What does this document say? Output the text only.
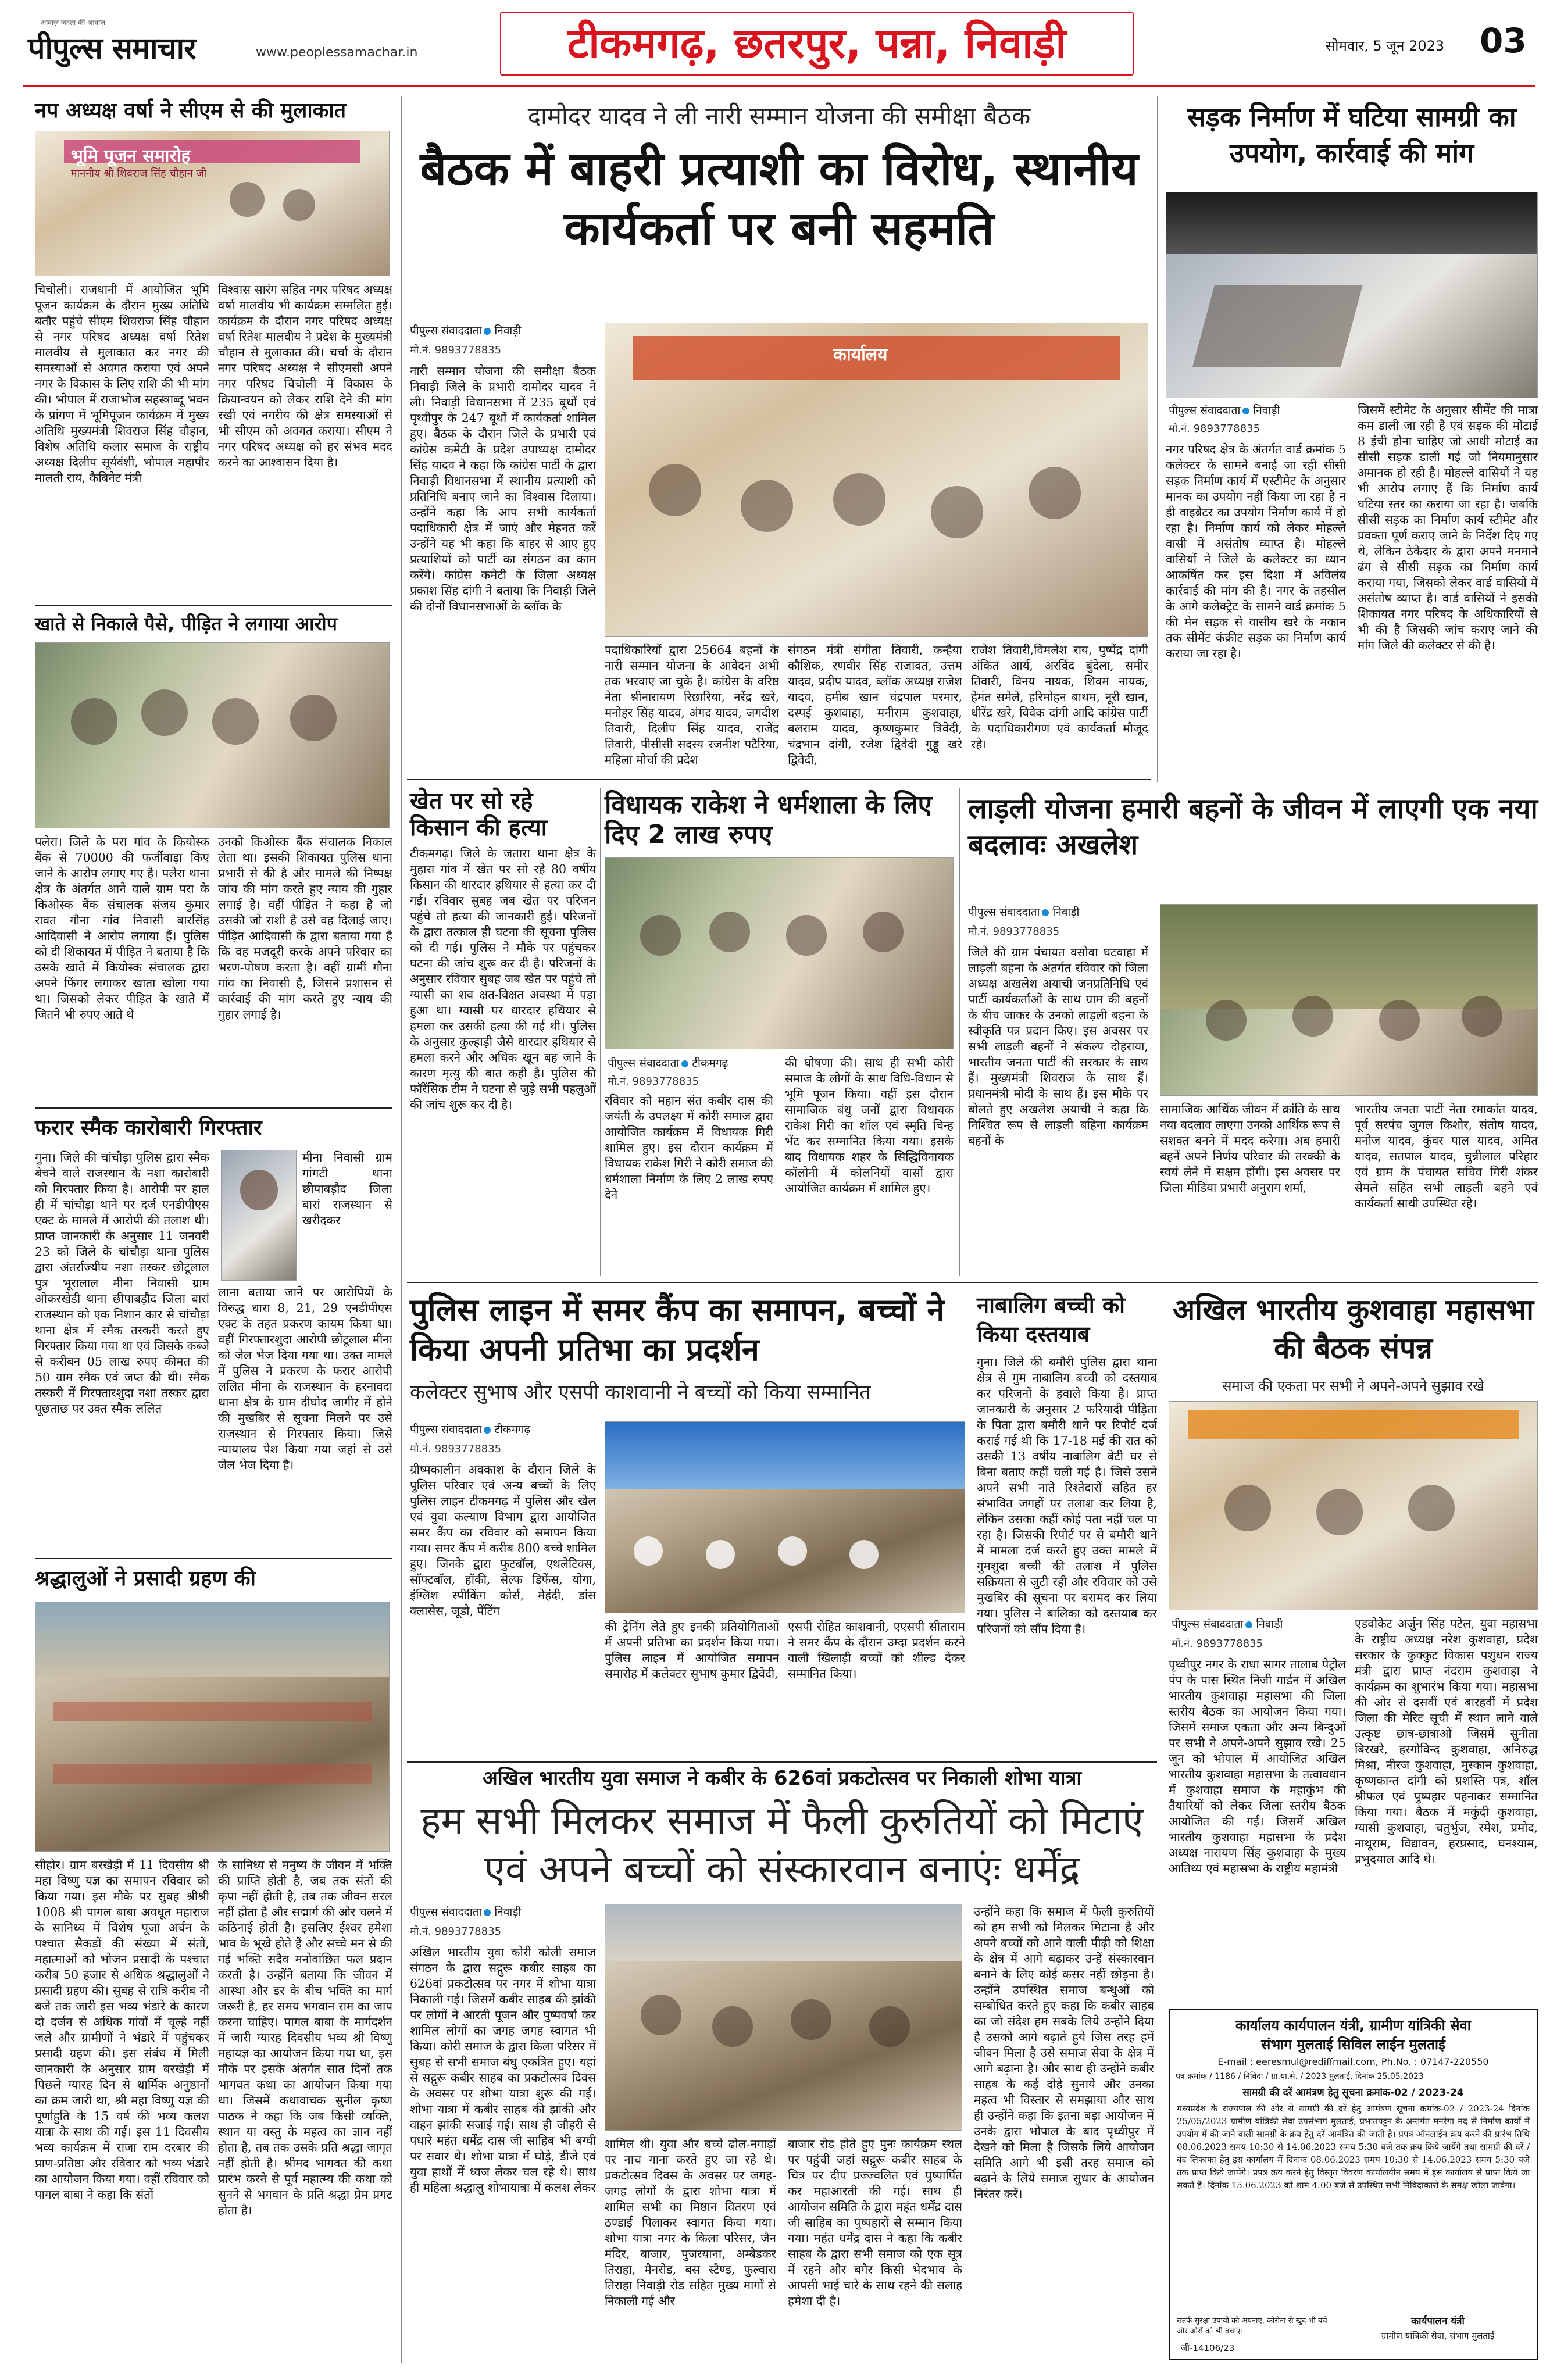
आवाज़ जनता की आवाज़
पीपुल्स समाचार	www.peoplessamachar.in	टीकमगढ़, छतरपुर, पन्ना, निवाड़ी	सोमवार, 5 जून 2023 03
नप अध्यक्ष वर्षा ने सीएम से की मुलाकात
भूमि पूजन समारोह
माननीय श्री शिवराज सिंह चौहान जी
चिचोली। राजधानी में आयोजित भूमि पूजन कार्यक्रम के दौरान मुख्य अतिथि बतौर पहुंचे सीएम शिवराज सिंह चौहान से नगर परिषद अध्यक्ष वर्षा रितेश मालवीय से मुलाकात कर नगर की समस्याओं से अवगत कराया एवं अपने नगर के विकास के लिए राशि की भी मांग की। भोपाल में राजाभोज सहस्त्राब्दू भवन के प्रांगण में भूमिपूजन कार्यक्रम में मुख्य अतिथि मुख्यमंत्री शिवराज सिंह चौहान, विशेष अतिथि कलार समाज के राष्ट्रीय अध्यक्ष दिलीप सूर्यवंशी, भोपाल महापौर मालती राय, कैबिनेट मंत्री
विश्वास सारंग सहित नगर परिषद अध्यक्ष वर्षा मालवीय भी कार्यक्रम सम्मलित हुई। कार्यक्रम के दौरान नगर परिषद अध्यक्ष वर्षा रितेश मालवीय ने प्रदेश के मुख्यमंत्री चौहान से मुलाकात की। चर्चा के दौरान नगर परिषद अध्यक्ष ने सीएमसी अपने नगर परिषद चिचोली में विकास के क्रियान्वयन को लेकर राशि देने की मांग रखी एवं नगरीय की क्षेत्र समस्याओं से भी सीएम को अवगत कराया। सीएम ने नगर परिषद अध्यक्ष को हर संभव मदद करने का आश्वासन दिया है।
खाते से निकाले पैसे, पीड़ित ने लगाया आरोप
पलेरा। जिले के परा गांव के कियोस्क बैंक से 70000 की फर्जीवाड़ा किए जाने के आरोप लगाए गए है। पलेरा थाना क्षेत्र के अंतर्गत आने वाले ग्राम परा के किओस्क बैंक संचालक संजय कुमार रावत गौना गांव निवासी बारसिंह आदिवासी ने आरोप लगाया हैं। पुलिस को दी शिकायत में पीड़ित ने बताया है कि उसके खाते में कियोस्क संचालक द्वारा अपने फिंगर लगाकर खाता खोला गया था। जिसको लेकर पीड़ित के खाते में जितने भी रुपए आते थे
उनको किओस्क बैंक संचालक निकाल लेता था। इसकी शिकायत पुलिस थाना प्रभारी से की है और मामले की निष्पक्ष जांच की मांग करते हुए न्याय की गुहार लगाई है। वहीं पीड़ित ने कहा है जो उसकी जो राशी है उसे वह दिलाई जाए। पीड़ित आदिवासी के द्वारा बताया गया है कि वह मजदूरी करके अपने परिवार का भरण-पोषण करता है। वहीं ग्रामीं गौना गांव का निवासी है, जिसने प्रशासन से कार्रवाई की मांग करते हुए न्याय की गुहार लगाई है।
फरार स्मैक कारोबारी गिरफ्तार
गुना। जिले की चांचौड़ा पुलिस द्वारा स्मैक बेचने वाले राजस्थान के नशा कारोबारी को गिरफ्तार किया है। आरोपी पर हाल ही में चांचौड़ा थाने पर दर्ज एनडीपीएस एक्ट के मामले में आरोपी की तलाश थी। प्राप्त जानकारी के अनुसार 11 जनवरी 23 को जिले के चांचौड़ा थाना पुलिस द्वारा अंतर्राज्यीय नशा तस्कर छोटूलाल पुत्र भूरालाल मीना निवासी ग्राम ओकरखेडी थाना छीपाबड़ौद जिला बारां राजस्थान को एक निशान कार से चांचौड़ा थाना क्षेत्र में स्मैक तस्करी करते हुए गिरफ्तार किया गया था एवं जिसके कब्जे से करीबन 05 लाख रुपए कीमत की 50 ग्राम स्मैक एवं जप्त की थी। स्मैक तस्करी में गिरफ्तारशुदा नशा तस्कर द्वारा पूछताछ पर उक्त स्मैक ललित
मीना निवासी ग्राम गांगटी थाना छीपाबड़ौद जिला बारां राजस्थान से खरीदकर
लाना बताया जाने पर आरोपियों के विरुद्ध धारा 8, 21, 29 एनडीपीएस एक्ट के तहत प्रकरण कायम किया था। वहीं गिरफ्तारशुदा आरोपी छोटूलाल मीना को जेल भेज दिया गया था। उक्त मामले में पुलिस ने प्रकरण के फरार आरोपी ललित मीना के राजस्थान के हरनावदा थाना क्षेत्र के ग्राम दीघोद जागीर में होने की मुखबिर से सूचना मिलने पर उसे राजस्थान से गिरफ्तार किया। जिसे न्यायालय पेश किया गया जहां से उसे जेल भेज दिया है।
श्रद्धालुओं ने प्रसादी ग्रहण की
सीहोर। ग्राम बरखेड़ी में 11 दिवसीय श्री महा विष्णु यज्ञ का समापन रविवार को किया गया। इस मौके पर सुबह श्रीश्री 1008 श्री पागल बाबा अवधूत महाराज के सानिध्य में विशेष पूजा अर्चन के पश्चात सैकड़ों की संख्या में संतों, महात्माओं को भोजन प्रसादी के पश्चात करीब 50 हजार से अधिक श्रद्धालुओं ने प्रसादी ग्रहण की। सुबह से रात्रि करीब नौ बजे तक जारी इस भव्य भंडारे के कारण दो दर्जन से अधिक गांवों में चूल्हे नहीं जले और ग्रामीणों ने भंडारे में पहुंचकर प्रसादी ग्रहण की। इस संबंध में मिली जानकारी के अनुसार ग्राम बरखेड़ी में पिछले ग्यारह दिन से धार्मिक अनुष्ठानों का क्रम जारी था, श्री महा विष्णु यज्ञ की पूर्णाहुति के 15 वर्ष की भव्य कलश यात्रा के साथ की गई। इस 11 दिवसीय भव्य कार्यक्रम में राजा राम दरबार की प्राण-प्रतिष्ठा और रविवार को भव्य भंडारे का आयोजन किया गया। वहीं रविवार को पागल बाबा ने कहा कि संतों
के सानिध्य से मनुष्य के जीवन में भक्ति की प्राप्ति होती है, जब तक संतों की कृपा नहीं होती है, तब तक जीवन सरल नहीं होता है और सद्मार्ग की ओर चलने में कठिनाई होती है। इसलिए ईश्वर हमेशा भाव के भूखे होते हैं और सच्चे मन से की गई भक्ति सदैव मनोवांछित फल प्रदान करती है। उन्होंने बताया कि जीवन में आस्था और डर के बीच भक्ति का मार्ग जरूरी है, हर समय भगवान राम का जाप करना चाहिए। पागल बाबा के मार्गदर्शन में जारी ग्यारह दिवसीय भव्य श्री विष्णु महायज्ञ का आयोजन किया गया था, इस मौके पर इसके अंतर्गत सात दिनों तक भागवत कथा का आयोजन किया गया था। जिसमें कथावाचक सुनील कृष्ण पाठक ने कहा कि जब किसी व्यक्ति, स्थान या वस्तु के महत्व का ज्ञान नहीं होता है, तब तक उसके प्रति श्रद्धा जागृत नहीं होती है। श्रीमद भागवत की कथा प्रारंभ करने से पूर्व महात्म्य की कथा को सुनने से भगवान के प्रति श्रद्धा प्रेम प्रगट होता है।
दामोदर यादव ने ली नारी सम्मान योजना की समीक्षा बैठक
बैठक में बाहरी प्रत्याशी का विरोध, स्थानीय कार्यकर्ता पर बनी सहमति
पीपुल्स संवाददाता निवाड़ी
मो.नं. 9893778835
नारी सम्मान योजना की समीक्षा बैठक निवाड़ी जिले के प्रभारी दामोदर यादव ने ली। निवाड़ी विधानसभा में 235 बूथों एवं पृथ्वीपुर के 247 बूथों में कार्यकर्ता शामिल हुए। बैठक के दौरान जिले के प्रभारी एवं कांग्रेस कमेटी के प्रदेश उपाध्यक्ष दामोदर सिंह यादव ने कहा कि कांग्रेस पार्टी के द्वारा निवाड़ी विधानसभा में स्थानीय प्रत्याशी को प्रतिनिधि बनाए जाने का विश्वास दिलाया। उन्होंने कहा कि आप सभी कार्यकर्ता पदाधिकारी क्षेत्र में जाएं और मेहनत करें उन्होंने यह भी कहा कि बाहर से आए हुए प्रत्याशियों को पार्टी का संगठन का काम करेंगे। कांग्रेस कमेटी के जिला अध्यक्ष प्रकाश सिंह दांगी ने बताया कि निवाड़ी जिले की दोनों विधानसभाओं के ब्लॉक के
कार्यालय
पदाधिकारियों द्वारा 25664 बहनों के नारी सम्मान योजना के आवेदन अभी तक भरवाए जा चुके है। कांग्रेस के वरिष्ठ नेता श्रीनारायण रिछारिया, नरेंद्र खरे, मनोहर सिंह यादव, अंगद यादव, जगदीश तिवारी, दिलीप सिंह यादव, राजेंद्र तिवारी, पीसीसी सदस्य रजनीश पटैरिया, महिला मोर्चा की प्रदेश
संगठन मंत्री संगीता तिवारी, कन्हैया कौशिक, रणवीर सिंह राजावत, उत्तम यादव, प्रदीप यादव, ब्लॉक अध्यक्ष राजेश यादव, हमीब खान चंद्रपाल परमार, दस्पई कुशवाहा, मनीराम कुशवाहा, बलराम यादव, कृष्णकुमार त्रिवेदी, चंद्रभान दांगी, रजेश द्विवेदी गुड्डू खरे द्विवेदी,
राजेश तिवारी,विमलेश राय, पुष्पेंद्र दांगी अंकित आर्य, अरविंद बुंदेला, समीर तिवारी, विनय नायक, शिवम नायक, हेमंत समेले, हरिमोहन बाथम, नूरी खान, धीरेंद्र खरे, विवेक दांगी आदि कांग्रेस पार्टी के पदाधिकारीगण एवं कार्यकर्ता मौजूद रहे।
खेत पर सो रहे किसान की हत्या
टीकमगढ़। जिले के जतारा थाना क्षेत्र के मुहारा गांव में खेत पर सो रहे 80 वर्षीय किसान की धारदार हथियार से हत्या कर दी गई। रविवार सुबह जब खेत पर परिजन पहुंचे तो हत्या की जानकारी हुई। परिजनों के द्वारा तत्काल ही घटना की सूचना पुलिस को दी गई। पुलिस ने मौके पर पहुंचकर घटना की जांच शुरू कर दी है। परिजनों के अनुसार रविवार सुबह जब खेत पर पहुंचे तो ग्यासी का शव क्षत-विक्षत अवस्था में पड़ा हुआ था। ग्यासी पर धारदार हथियार से हमला कर उसकी हत्या की गई थी। पुलिस के अनुसार कुल्हाड़ी जैसे धारदार हथियार से हमला करने और अधिक खून बह जाने के कारण मृत्यु की बात कही है। पुलिस की फॉरेंसिक टीम ने घटना से जुड़े सभी पहलुओं की जांच शुरू कर दी है।
विधायक राकेश ने धर्मशाला के लिए दिए 2 लाख रुपए
पीपुल्स संवाददाता टीकमगढ़
मो.नं. 9893778835
रविवार को महान संत कबीर दास की जयंती के उपलक्ष्य में कोरी समाज द्वारा आयोजित कार्यक्रम में विधायक गिरी शामिल हुए। इस दौरान कार्यक्रम में विधायक राकेश गिरी ने कोरी समाज की धर्मशाला निर्माण के लिए 2 लाख रुपए देने
की घोषणा की। साथ ही सभी कोरी समाज के लोगों के साथ विधि-विधान से भूमि पूजन किया। वहीं इस दौरान सामाजिक बंधु जनों द्वारा विधायक राकेश गिरी का शॉल एवं स्मृति चिन्ह भेंट कर सम्मानित किया गया। इसके बाद विधायक शहर के सिद्धिविनायक कॉलोनी में कोलनियों वासों द्वारा आयोजित कार्यक्रम में शामिल हुए।
लाड़ली योजना हमारी बहनों के जीवन में लाएगी एक नया बदलावः अखलेश
पीपुल्स संवाददाता निवाड़ी
मो.नं. 9893778835
जिले की ग्राम पंचायत वसोवा घटवाहा में लाड़ली बहना के अंतर्गत रविवार को जिला अध्यक्ष अखलेश अयाची जनप्रतिनिधि एवं पार्टी कार्यकर्ताओं के साथ ग्राम की बहनों के बीच जाकर के उनको लाड़ली बहना के स्वीकृति पत्र प्रदान किए। इस अवसर पर सभी लाड़ली बहनों ने संकल्प दोहराया, भारतीय जनता पार्टी की सरकार के साथ हैं। मुख्यमंत्री शिवराज के साथ हैं। प्रधानमंत्री मोदी के साथ हैं। इस मौके पर बोलते हुए अखलेश अयाची ने कहा कि निश्चित रूप से लाड़ली बहिना कार्यक्रम बहनों के
सामाजिक आर्थिक जीवन में क्रांति के साथ नया बदलाव लाएगा उनको आर्थिक रूप से सशक्त बनने में मदद करेगा। अब हमारी बहनें अपने निर्णय परिवार की तरक्की के स्वयं लेने में सक्षम होंगी। इस अवसर पर जिला मीडिया प्रभारी अनुराग शर्मा,
भारतीय जनता पार्टी नेता रमाकांत यादव, पूर्व सरपंच जुगल किशोर, संतोष यादव, मनोज यादव, कुंवर पाल यादव, अमित यादव, सतपाल यादव, चुन्नीलाल परिहार एवं ग्राम के पंचायत सचिव गिरी शंकर सेमले सहित सभी लाड़ली बहने एवं कार्यकर्ता साथी उपस्थित रहे।
सड़क निर्माण में घटिया सामग्री का उपयोग, कार्रवाई की मांग
पीपुल्स संवाददाता निवाड़ी
मो.नं. 9893778835
नगर परिषद क्षेत्र के अंतर्गत वार्ड क्रमांक 5 कलेक्टर के सामने बनाई जा रही सीसी सड़क निर्माण कार्य में एस्टीमेट के अनुसार मानक का उपयोग नहीं किया जा रहा है न ही वाइब्रेटर का उपयोग निर्माण कार्य में हो रहा है। निर्माण कार्य को लेकर मोहल्ले वासी में असंतोष व्याप्त है। मोहल्ले वासियों ने जिले के कलेक्टर का ध्यान आकर्षित कर इस दिशा में अविलंब कार्रवाई की मांग की है। नगर के तहसील के आगे कलेक्ट्रेट के सामने वार्ड क्रमांक 5 की मेन सड़क से वासीय खरे के मकान तक सीमेंट कंक्रीट सड़क का निर्माण कार्य कराया जा रहा है।
जिसमें स्टीमेट के अनुसार सीमेंट की मात्रा कम डाली जा रही है एवं सड़क की मोटाई 8 इंची होना चाहिए जो आधी मोटाई का सीसी सड़क डाली गई जो नियमानुसार अमानक हो रही है। मोहल्ले वासियों ने यह भी आरोप लगाए हैं कि निर्माण कार्य घटिया स्तर का कराया जा रहा है। जबकि सीसी सड़क का निर्माण कार्य स्टीमेट और प्रवक्ता पूर्ण कराए जाने के निर्देश दिए गए थे, लेकिन ठेकेदार के द्वारा अपने मनमाने ढंग से सीसी सड़क का निर्माण कार्य कराया गया, जिसको लेकर वार्ड वासियों में असंतोष व्याप्त है। वार्ड वासियों ने इसकी शिकायत नगर परिषद के अधिकारियों से भी की है जिसकी जांच कराए जाने की मांग जिले की कलेक्टर से की है।
पुलिस लाइन में समर कैंप का समापन, बच्चों ने किया अपनी प्रतिभा का प्रदर्शन
कलेक्टर सुभाष और एसपी काशवानी ने बच्चों को किया सम्मानित
पीपुल्स संवाददाता टीकमगढ़
मो.नं. 9893778835
ग्रीष्मकालीन अवकाश के दौरान जिले के पुलिस परिवार एवं अन्य बच्चों के लिए पुलिस लाइन टीकमगढ़ में पुलिस और खेल एवं युवा कल्याण विभाग द्वारा आयोजित समर कैंप का रविवार को समापन किया गया। समर कैंप में करीब 800 बच्चे शामिल हुए। जिनके द्वारा फुटबॉल, एथलेटिक्स, सॉफ्टबॉल, हॉकी, सेल्फ डिफेंस, योगा, इंग्लिश स्पीकिंग कोर्स, मेहंदी, डांस क्लासेस, जूडो, पेंटिंग
की ट्रेनिंग लेते हुए इनकी प्रतियोगिताओं में अपनी प्रतिभा का प्रदर्शन किया गया। पुलिस लाइन में आयोजित समापन समारोह में कलेक्टर सुभाष कुमार द्विवेदी,
एसपी रोहित काशवानी, एएसपी सीताराम ने समर कैंप के दौरान उम्दा प्रदर्शन करने वाली खिलाड़ी बच्चों को शील्ड देकर सम्मानित किया।
नाबालिग बच्ची को किया दस्तयाब
गुना। जिले की बमौरी पुलिस द्वारा थाना क्षेत्र से गुम नाबालिग बच्ची को दस्तयाब कर परिजनों के हवाले किया है। प्राप्त जानकारी के अनुसार 2 फरियादी पीड़िता के पिता द्वारा बमौरी थाने पर रिपोर्ट दर्ज कराई गई थी कि 17-18 मई की रात को उसकी 13 वर्षीय नाबालिग बेटी घर से बिना बताए कहीं चली गई है। जिसे उसने अपने सभी नाते रिश्तेदारों सहित हर संभावित जगहों पर तलाश कर लिया है, लेकिन उसका कहीं कोई पता नहीं चल पा रहा है। जिसकी रिपोर्ट पर से बमौरी थाने में मामला दर्ज करते हुए उक्त मामले में गुमशुदा बच्ची की तलाश में पुलिस सक्रियता से जुटी रही और रविवार को उसे मुखबिर की सूचना पर बरामद कर लिया गया। पुलिस ने बालिका को दस्तयाब कर परिजनों को सौंप दिया है।
अखिल भारतीय कुशवाहा महासभा की बैठक संपन्न
समाज की एकता पर सभी ने अपने-अपने सुझाव रखे
पीपुल्स संवाददाता निवाड़ी
मो.नं. 9893778835
पृथ्वीपुर नगर के राधा सागर तालाब पेट्रोल पंप के पास स्थित निजी गार्डन में अखिल भारतीय कुशवाहा महासभा की जिला स्तरीय बैठक का आयोजन किया गया। जिसमें समाज एकता और अन्य बिन्दुओं पर सभी ने अपने-अपने सुझाव रखे। 25 जून को भोपाल में आयोजित अखिल भारतीय कुशवाहा महासभा के तत्वावधान में कुशवाहा समाज के महाकुंभ की तैयारियों को लेकर जिला स्तरीय बैठक आयोजित की गई। जिसमें अखिल भारतीय कुशवाहा महासभा के प्रदेश अध्यक्ष नारायण सिंह कुशवाहा के मुख्य आतिथ्य एवं महासभा के राष्ट्रीय महामंत्री
एडवोकेट अर्जुन सिंह पटेल, युवा महासभा के राष्ट्रीय अध्यक्ष नरेश कुशवाहा, प्रदेश सरकार के कुक्कुट विकास पशुधन राज्य मंत्री द्वारा प्राप्त नंदराम कुशवाहा ने कार्यक्रम का शुभारंभ किया गया। महासभा की ओर से दसवीं एवं बारहवीं में प्रदेश जिला की मेरिट सूची में स्थान लाने वाले उत्कृष्ट छात्र-छात्राओं जिसमें सुनीता बिरखरे, हरगोविन्द कुशवाहा, अनिरुद्ध मिश्रा, नीरज कुशवाहा, मुस्कान कुशवाहा, कृष्णकान्त दांगी को प्रशस्ति पत्र, शॉल श्रीफल एवं पुष्पहार पहनाकर सम्मानित किया गया। बैठक में मकुंदी कुशवाहा, ग्यासी कुशवाहा, चतुर्भुज, रमेश, प्रमोद, नाथूराम, विद्यावन, हरप्रसाद, घनश्याम, प्रभुदयाल आदि थे।
कार्यालय कार्यपालन यंत्री, ग्रामीण यांत्रिकी सेवा
संभाग मुलताई सिविल लाईन मुलताई
E-mail : eeresmul@rediffmail.com, Ph.No. : 07147-220550
पत्र क्रमांक / 1186 / निविदा / ग्रा.या.से. / 2023 मुलताई, दिनांक 25.05.2023
सामग्री की दरें आमंत्रण हेतु सूचना क्रमांक-02 / 2023-24
मध्यप्रदेश के राज्यपाल की ओर से सामग्री की दरें हेतु आमंत्रण सूचना क्रमांक-02 / 2023-24 दिनांक 25/05/2023 ग्रामीण यांत्रिकी सेवा उपसंभाग मुलताई, प्रभातपट्टन के अन्तर्गत मनरेगा मद से निर्माण कार्यों में उपयोग में की जाने वाली सामग्री के क्रय हेतु दरें आमंत्रित की जाती है। प्रपत्र ऑनलाईन क्रय करने की प्रारंभ तिथि 08.06.2023 समय 10:30 से 14.06.2023 समय 5:30 बजे तक क्रय किये जायेंगे तथा सामग्री की दरें / बंद लिफाफा हेतु इस कार्यालय में दिनांक 08.06.2023 समय 10:30 से 14.06.2023 समय 5:30 बजे तक प्राप्त किये जायेंगे। प्रपत्र क्रय करने हेतु विस्तृत विवरण कार्यालयीन समय में इस कार्यालय से प्राप्त किये जा सकते हैं। दिनांक 15.06.2023 को शाम 4:00 बजे से उपस्थित सभी निविदाकारों के समक्ष खोला जावेगा।
सतर्क सुरक्षा उपायों को अपनाएं, कोरोना से खुद भी बचें और औरों को भी बचाएं।
कार्यपालन यंत्री
ग्रामीण यांत्रिकी सेवा, संभाग मुलताई
जी-14106/23
अखिल भारतीय युवा समाज ने कबीर के 626वां प्रकटोत्सव पर निकाली शोभा यात्रा
हम सभी मिलकर समाज में फैली कुरुतियों को मिटाएं एवं अपने बच्चों को संस्कारवान बनाएंः धर्मेंद्र
पीपुल्स संवाददाता निवाड़ी
मो.नं. 9893778835
अखिल भारतीय युवा कोरी कोली समाज संगठन के द्वारा सद्गुरू कबीर साहब का 626वां प्रकटोत्सव पर नगर में शोभा यात्रा निकाली गई। जिसमें कबीर साहब की झांकी पर लोगों ने आरती पूजन और पुष्पवर्षा कर शामिल लोगों का जगह जगह स्वागत भी किया। कोरी समाज के द्वारा किला परिसर में सुबह से सभी समाज बंधु एकत्रित हुए। यहां से सद्गुरू कबीर साहब का प्रकटोत्सव दिवस के अवसर पर शोभा यात्रा शुरू की गई। शोभा यात्रा में कबीर साहब की झांकी और वाहन झांकी सजाई गई। साथ ही जौहरी से पधारे महंत धर्मेंद्र दास जी साहिब भी बग्घी पर सवार थे। शोभा यात्रा में घोड़े, डीजे एवं युवा हाथों में ध्वज लेकर चल रहे थे। साथ ही महिला श्रद्धालु शोभायात्रा में कलश लेकर
शामिल थी। युवा और बच्चे ढोल-नगाड़ों पर नाच गाना करते हुए जा रहे थे। प्रकटोत्सव दिवस के अवसर पर जगह-जगह लोगों के द्वारा शोभा यात्रा में शामिल सभी का मिष्ठान वितरण एवं ठण्डाई पिलाकर स्वागत किया गया। शोभा यात्रा नगर के किला परिसर, जैन मंदिर, बाजार, पुजरयाना, अम्बेडकर तिराहा, मैनरोड, बस स्टैण्ड, फुल्वारा तिराहा निवाड़ी रोड सहित मुख्य मार्गों से निकाली गई और
बाजार रोड होते हुए पुनः कार्यक्रम स्थल पर पहुंची जहां सद्गुरू कबीर साहब के चित्र पर दीप प्रज्ज्वलित एवं पुष्पार्पित कर महाआरती की गई। साथ ही आयोजन समिति के द्वारा महंत धर्मेंद्र दास जी साहिब का पुष्पहारों से सम्मान किया गया। महंत धर्मेंद्र दास ने कहा कि कबीर साहब के द्वारा सभी समाज को एक सूत्र में रहने और बगैर किसी भेदभाव के आपसी भाई चारे के साथ रहने की सलाह हमेशा दी है।
उन्होंने कहा कि समाज में फैली कुरुतियों को हम सभी को मिलकर मिटाना है और अपने बच्चों को आने वाली पीढ़ी को शिक्षा के क्षेत्र में आगे बढ़ाकर उन्हें संस्कारवान बनाने के लिए कोई कसर नहीं छोड़ना है। उन्होंने उपस्थित समाज बन्धुओं को सम्बोधित करते हुए कहा कि कबीर साहब का जो संदेश हम सबके लिये उन्होंने दिया है उसको आगे बढ़ाते हुये जिस तरह हमें जीवन मिला है उसे समाज सेवा के क्षेत्र में आगे बढ़ाना है। और साथ ही उन्होंने कबीर साहब के कई दोहे सुनाये और उनका महत्व भी विस्तार से समझाया और साथ ही उन्होंने कहा कि इतना बड़ा आयोजन में उनके द्वारा भोपाल के बाद पृथ्वीपुर में देखने को मिला है जिसके लिये आयोजन समिति आगे भी इसी तरह समाज को बढ़ाने के लिये समाज सुधार के आयोजन निरंतर करें।
